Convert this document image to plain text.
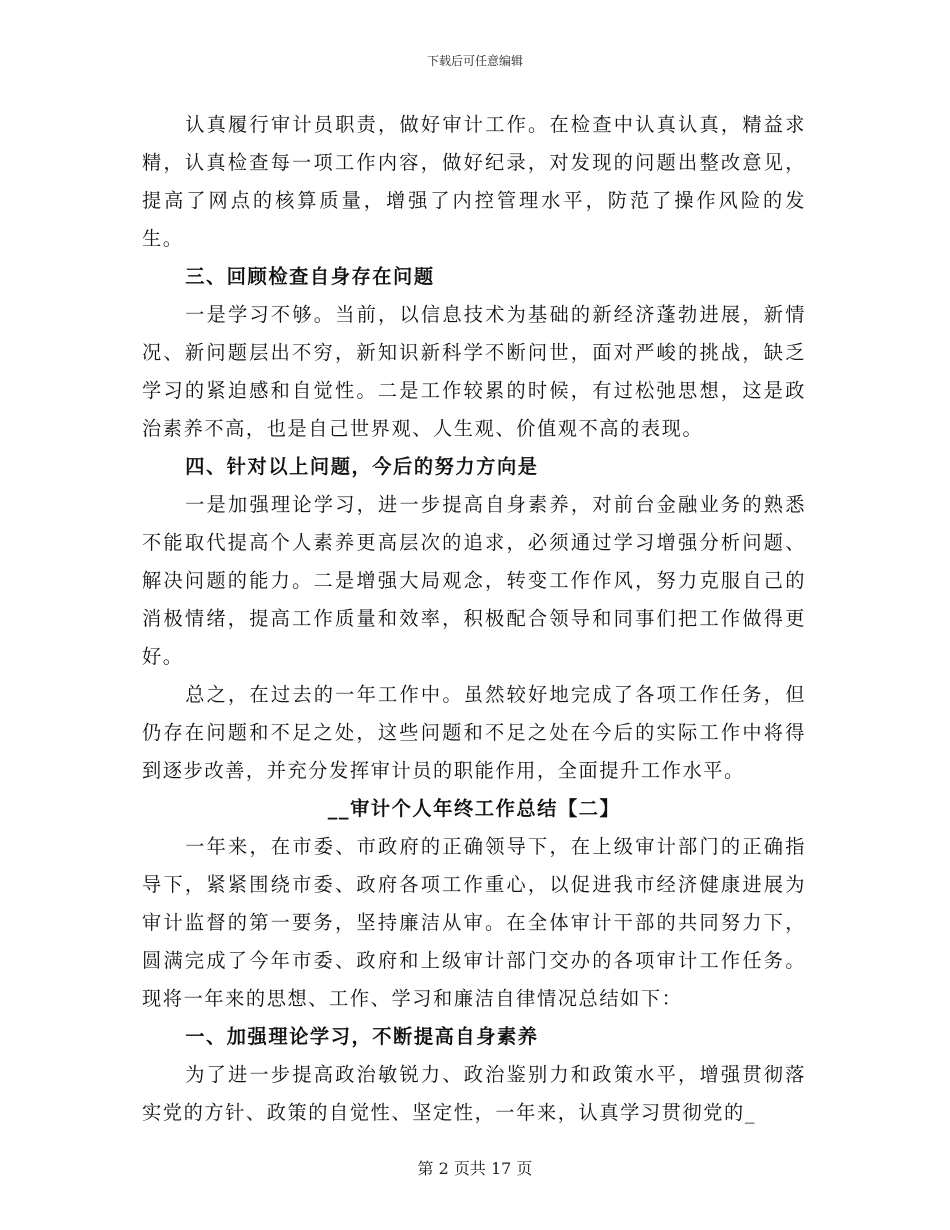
下载后可任意编辑

认真履行审计员职责，做好审计工作。在检查中认真认真，精益求精，认真检查每一项工作内容，做好纪录，对发现的问题出整改意见，提高了网点的核算质量，增强了内控管理水平，防范了操作风险的发生。

三、回顾检查自身存在问题

一是学习不够。当前，以信息技术为基础的新经济蓬勃进展，新情况、新问题层出不穷，新知识新科学不断问世，面对严峻的挑战，缺乏学习的紧迫感和自觉性。二是工作较累的时候，有过松弛思想，这是政治素养不高，也是自己世界观、人生观、价值观不高的表现。

四、针对以上问题，今后的努力方向是

一是加强理论学习，进一步提高自身素养，对前台金融业务的熟悉不能取代提高个人素养更高层次的追求，必须通过学习增强分析问题、解决问题的能力。二是增强大局观念，转变工作作风，努力克服自己的消极情绪，提高工作质量和效率，积极配合领导和同事们把工作做得更好。

总之，在过去的一年工作中。虽然较好地完成了各项工作任务，但仍存在问题和不足之处，这些问题和不足之处在今后的实际工作中将得到逐步改善，并充分发挥审计员的职能作用，全面提升工作水平。

__审计个人年终工作总结【二】

一年来，在市委、市政府的正确领导下，在上级审计部门的正确指导下，紧紧围绕市委、政府各项工作重心，以促进我市经济健康进展为审计监督的第一要务，坚持廉洁从审。在全体审计干部的共同努力下，圆满完成了今年市委、政府和上级审计部门交办的各项审计工作任务。现将一年来的思想、工作、学习和廉洁自律情况总结如下：

一、加强理论学习，不断提高自身素养

为了进一步提高政治敏锐力、政治鉴别力和政策水平，增强贯彻落实党的方针、政策的自觉性、坚定性，一年来，认真学习贯彻党的_

第 2 页共 17 页
